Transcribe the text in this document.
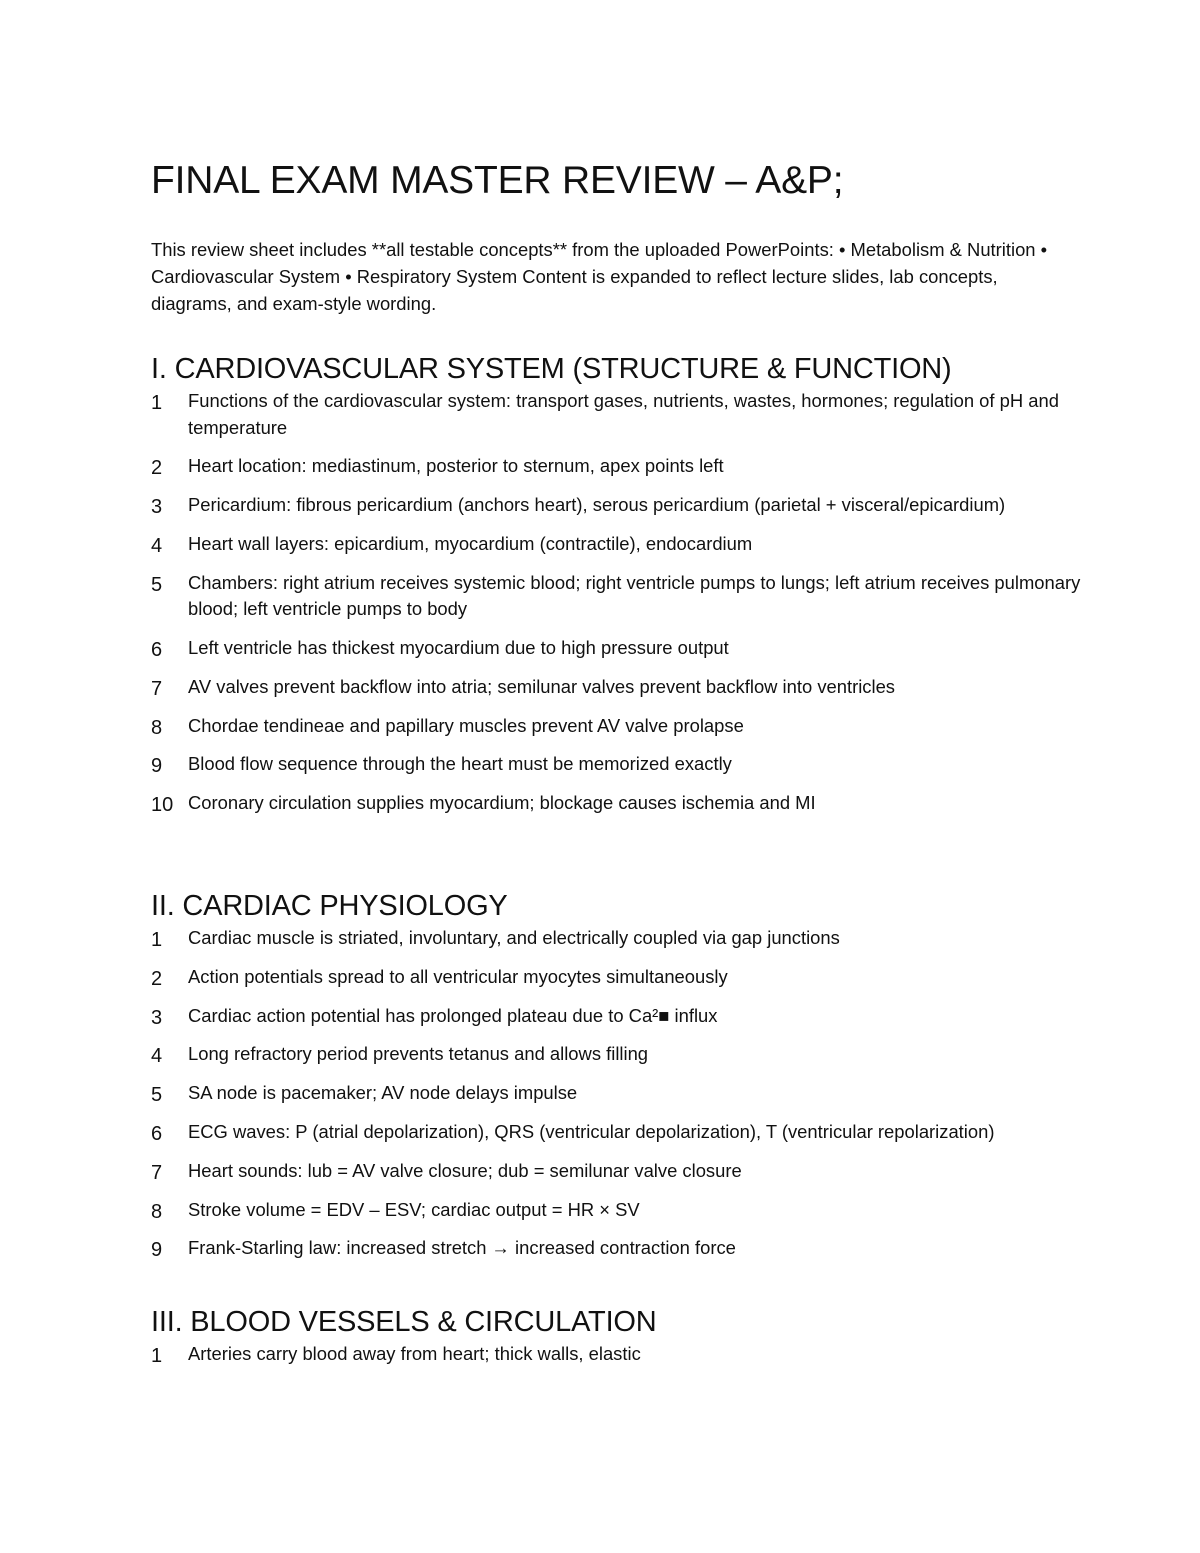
FINAL EXAM MASTER REVIEW – A&P;

This review sheet includes **all testable concepts** from the uploaded PowerPoints: • Metabolism & Nutrition • Cardiovascular System • Respiratory System Content is expanded to reflect lecture slides, lab concepts, diagrams, and exam-style wording.

I. CARDIOVASCULAR SYSTEM (STRUCTURE & FUNCTION)
1 Functions of the cardiovascular system: transport gases, nutrients, wastes, hormones; regulation of pH and temperature
2 Heart location: mediastinum, posterior to sternum, apex points left
3 Pericardium: fibrous pericardium (anchors heart), serous pericardium (parietal + visceral/epicardium)
4 Heart wall layers: epicardium, myocardium (contractile), endocardium
5 Chambers: right atrium receives systemic blood; right ventricle pumps to lungs; left atrium receives pulmonary blood; left ventricle pumps to body
6 Left ventricle has thickest myocardium due to high pressure output
7 AV valves prevent backflow into atria; semilunar valves prevent backflow into ventricles
8 Chordae tendineae and papillary muscles prevent AV valve prolapse
9 Blood flow sequence through the heart must be memorized exactly
10 Coronary circulation supplies myocardium; blockage causes ischemia and MI
II. CARDIAC PHYSIOLOGY
1 Cardiac muscle is striated, involuntary, and electrically coupled via gap junctions
2 Action potentials spread to all ventricular myocytes simultaneously
3 Cardiac action potential has prolonged plateau due to Ca²■ influx
4 Long refractory period prevents tetanus and allows filling
5 SA node is pacemaker; AV node delays impulse
6 ECG waves: P (atrial depolarization), QRS (ventricular depolarization), T (ventricular repolarization)
7 Heart sounds: lub = AV valve closure; dub = semilunar valve closure
8 Stroke volume = EDV – ESV; cardiac output = HR × SV
9 Frank-Starling law: increased stretch → increased contraction force
III. BLOOD VESSELS & CIRCULATION
1 Arteries carry blood away from heart; thick walls, elastic
